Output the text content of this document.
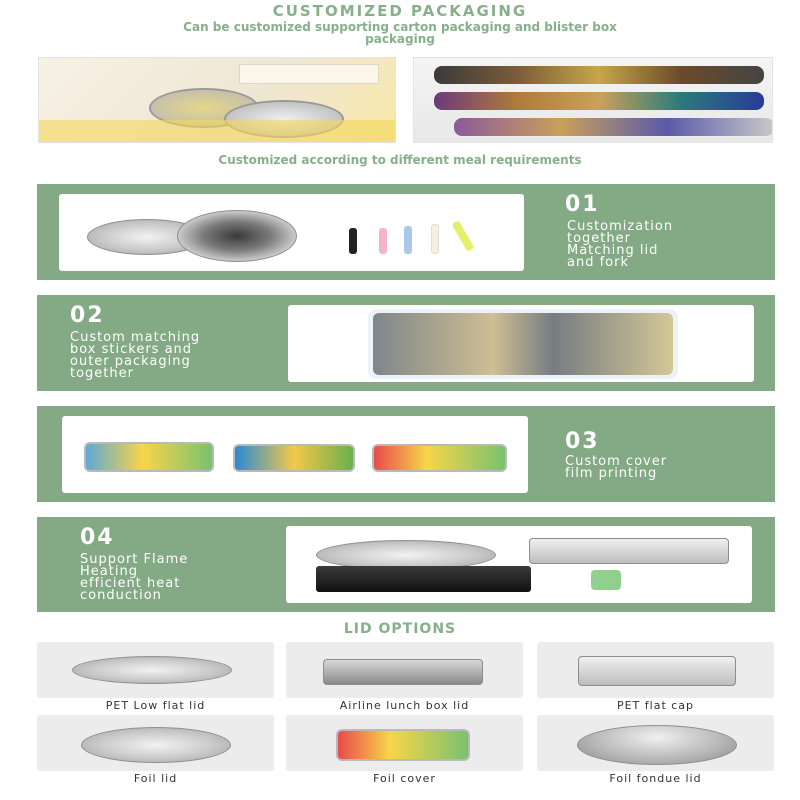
CUSTOMIZED PACKAGING
Can be customized supporting carton packaging and blister box packaging
Customized according to different meal requirements
01
Customization
together
Matching lid
and fork
02
Custom matching
box stickers and
outer packaging
together
03
Custom cover
film printing
04
Support Flame
Heating
efficient heat
conduction
LID OPTIONS
PET Low flat lid	Airline lunch box lid	PET flat cap
Foil lid	Foil cover	Foil fondue lid
